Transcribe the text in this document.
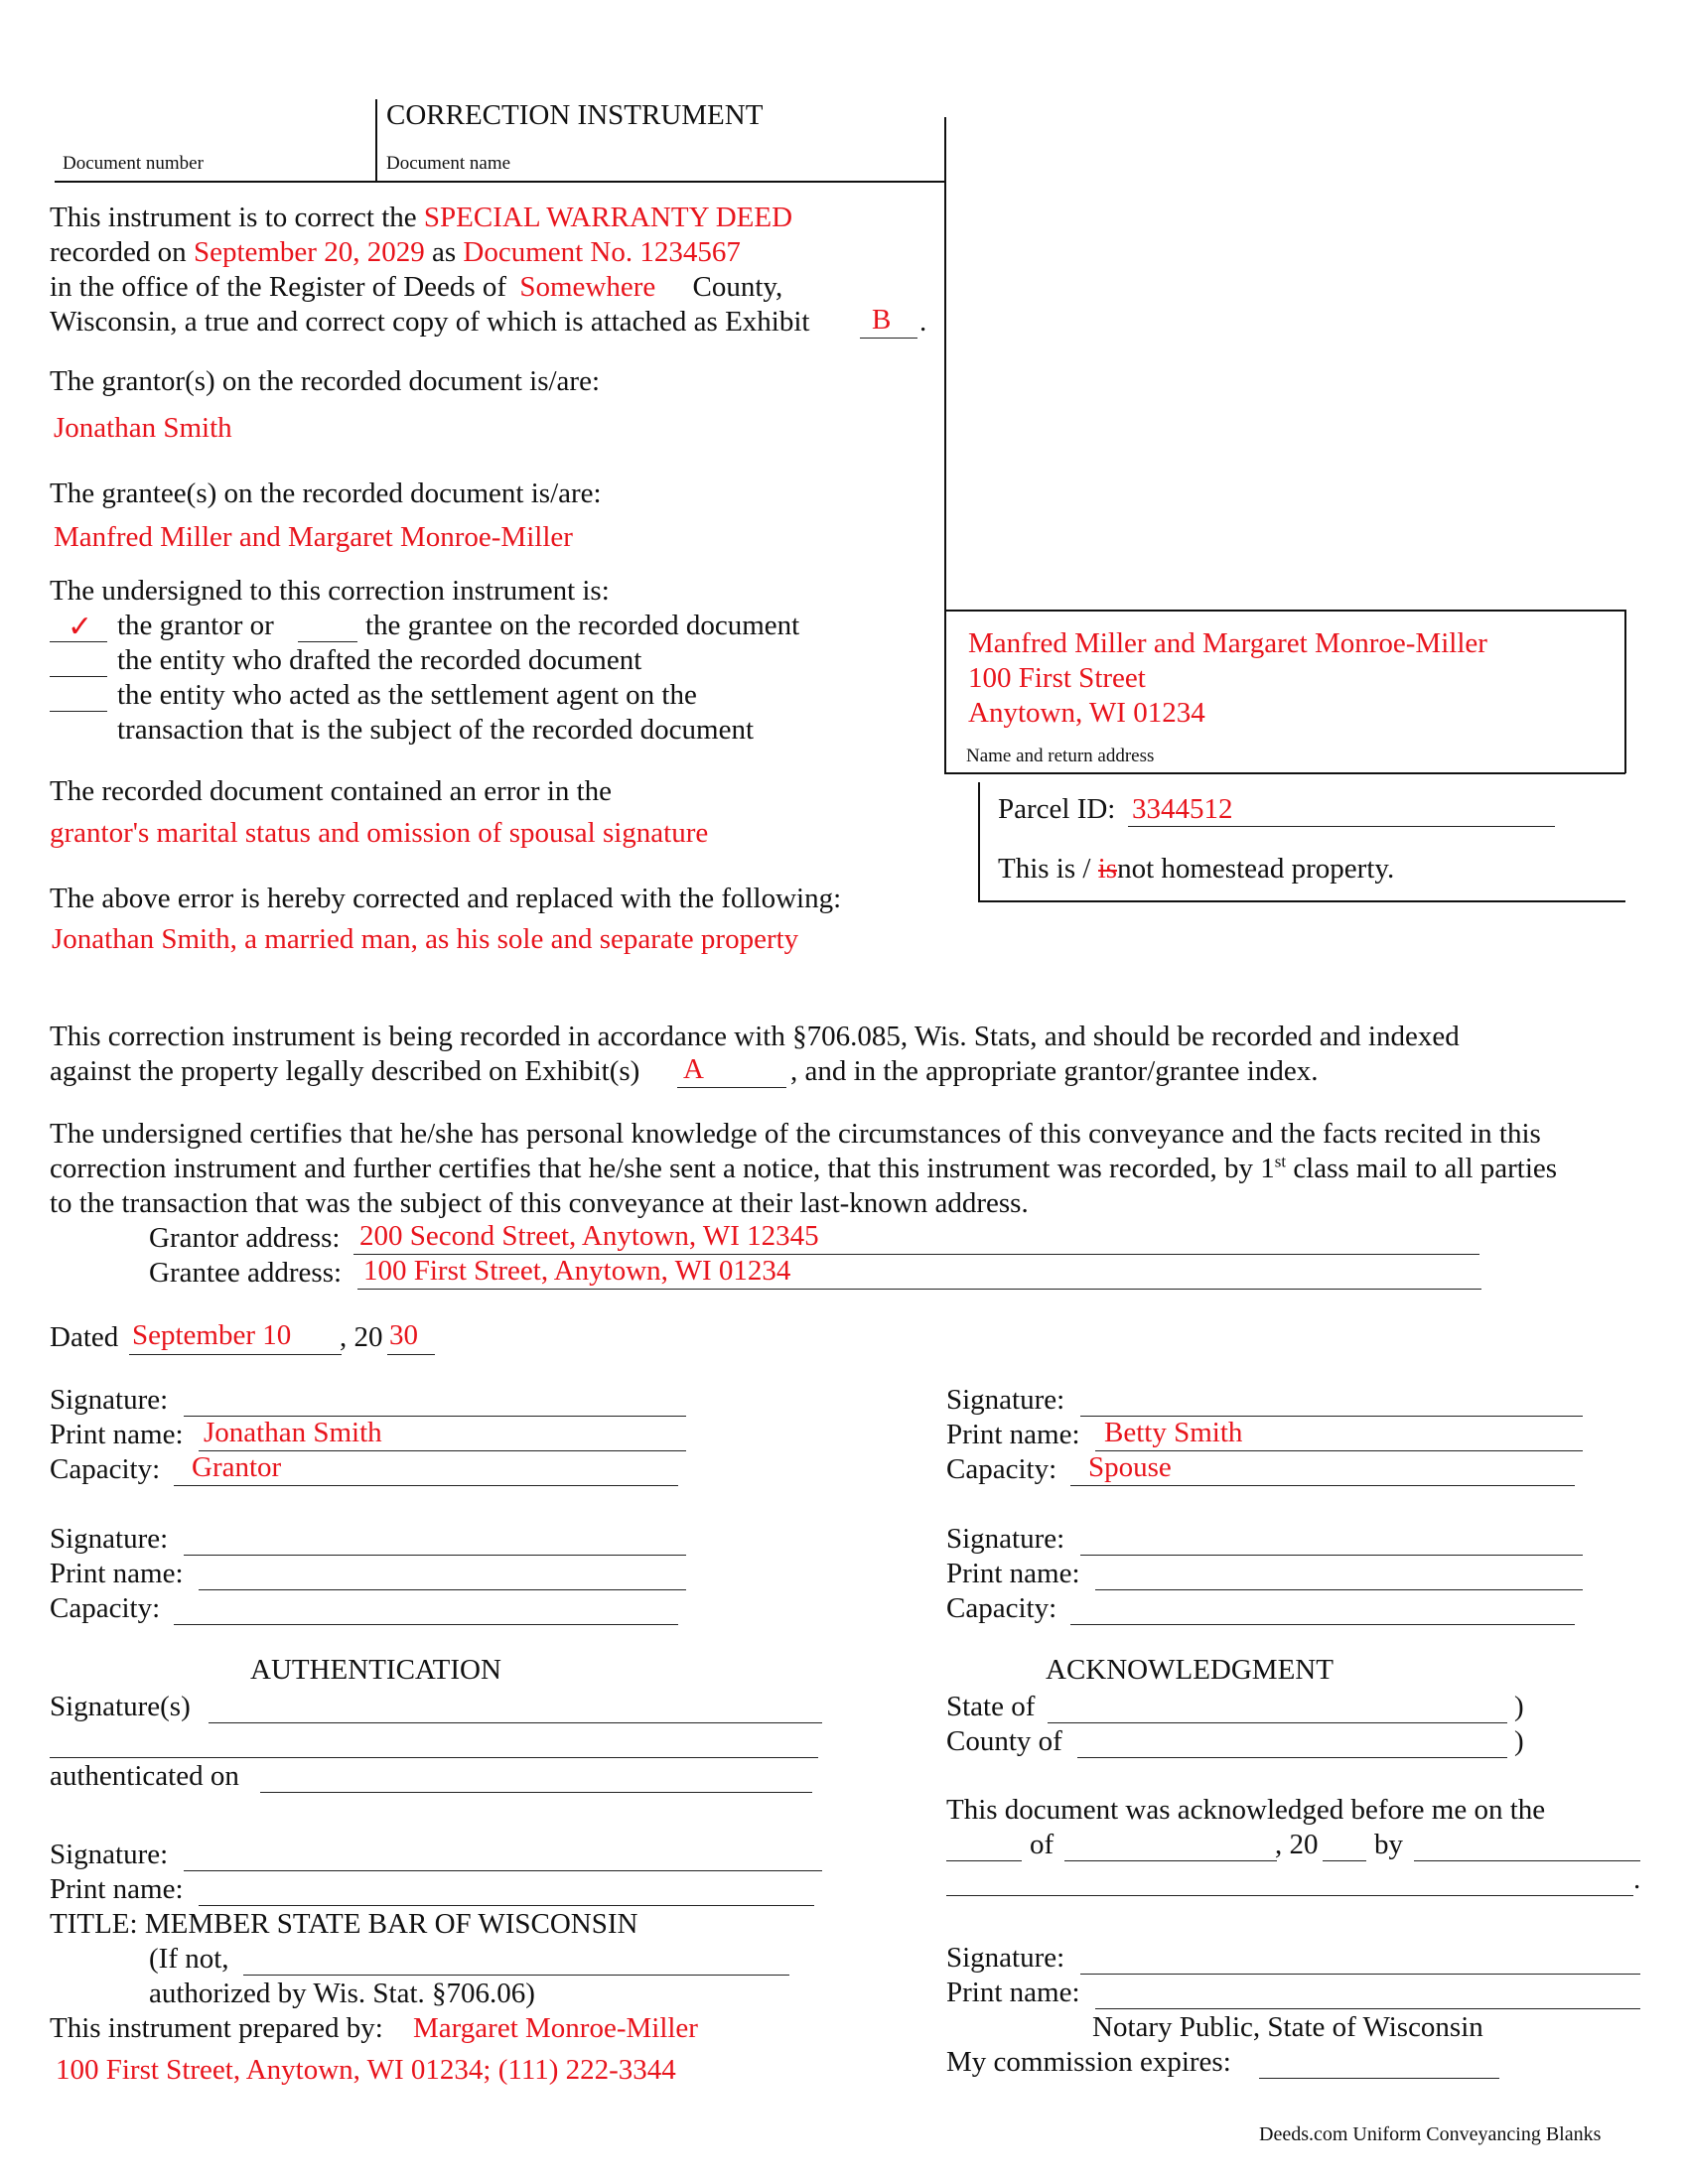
CORRECTION INSTRUMENT
Document number	Document name
This instrument is to correct the SPECIAL WARRANTY DEED
recorded on September 20, 2029 as Document No. 1234567
in the office of the Register of Deeds of Somewhere County,
Wisconsin, a true and correct copy of which is attached as Exhibit B .
The grantor(s) on the recorded document is/are:
Jonathan Smith
The grantee(s) on the recorded document is/are:
Manfred Miller and Margaret Monroe-Miller
The undersigned to this correction instrument is:
✓ the grantor or	the grantee on the recorded document
the entity who drafted the recorded document
the entity who acted as the settlement agent on the
transaction that is the subject of the recorded document
The recorded document contained an error in the
grantor's marital status and omission of spousal signature
The above error is hereby corrected and replaced with the following:
Jonathan Smith, a married man, as his sole and separate property
Manfred Miller and Margaret Monroe-Miller
100 First Street
Anytown, WI 01234
Name and return address
Parcel ID: 3344512
This is / isnot homestead property.
This correction instrument is being recorded in accordance with §706.085, Wis. Stats, and should be recorded and indexed
against the property legally described on Exhibit(s) A	, and in the appropriate grantor/grantee index.
The undersigned certifies that he/she has personal knowledge of the circumstances of this conveyance and the facts recited in this
correction instrument and further certifies that he/she sent a notice, that this instrument was recorded, by 1st class mail to all parties
to the transaction that was the subject of this conveyance at their last-known address.
Grantor address: 200 Second Street, Anytown, WI 12345
Grantee address: 100 First Street, Anytown, WI 01234
Dated September 10 , 20 30
Signature:
Print name: Jonathan Smith
Capacity: Grantor
Signature:
Print name:
Capacity:
Signature:
Print name: Betty Smith
Capacity: Spouse
Signature:
Print name:
Capacity:
AUTHENTICATION
Signature(s)
authenticated on
Signature:
Print name:
TITLE: MEMBER STATE BAR OF WISCONSIN
(If not,
authorized by Wis. Stat. §706.06)
This instrument prepared by: Margaret Monroe-Miller
100 First Street, Anytown, WI 01234; (111) 222-3344
ACKNOWLEDGMENT
State of	)
County of	)
This document was acknowledged before me on the
of	, 20 by
.
Signature:
Print name:
Notary Public, State of Wisconsin
My commission expires:
Deeds.com Uniform Conveyancing Blanks
